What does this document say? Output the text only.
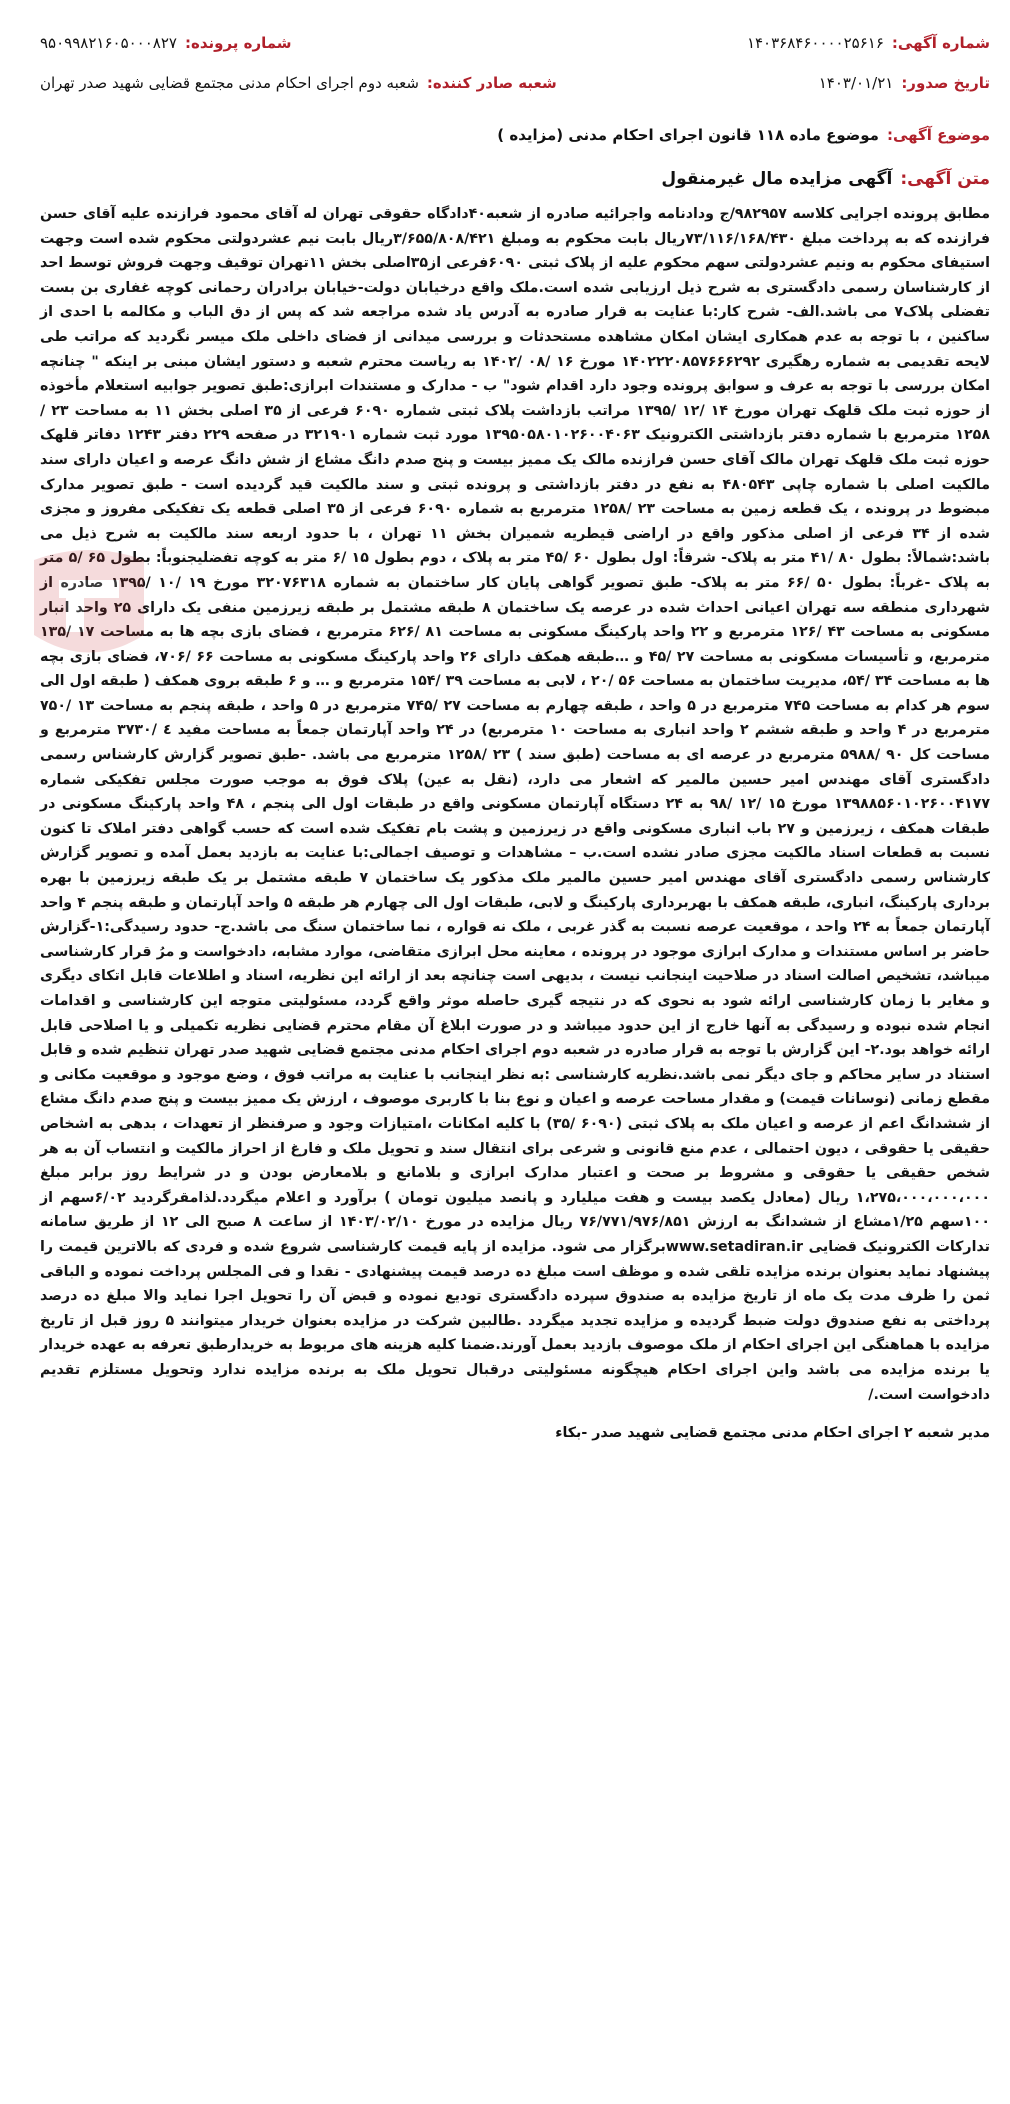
شماره آگهی:
۱۴۰۳۶۸۴۶۰۰۰۰۲۵۶۱۶
شماره پرونده:
۹۵۰۹۹۸۲۱۶۰۵۰۰۰۸۲۷
تاریخ صدور:
۱۴۰۳/۰۱/۲۱
شعبه صادر کننده:
شعبه دوم اجرای احکام مدنی مجتمع قضایی شهید صدر تهران
موضوع آگهی:
موضوع ماده ۱۱۸ قانون اجرای احکام مدنی (مزایده )
متن آگهی:
آگهی مزایده مال غیرمنقول

مطابق پرونده اجرایی کلاسه ۹۸۲۹۵۷/ج ودادنامه واجرائیه صادره از شعبه۴۰دادگاه حقوقی تهران له آقای محمود فرازنده علیه آقای حسن فرازنده که به پرداخت مبلغ ۷۳/۱۱۶/۱۶۸/۴۳۰ریال بابت محکوم به ومبلغ ۳/۶۵۵/۸۰۸/۴۲۱ریال بابت نیم عشردولتی محکوم شده است وجهت استیفای محکوم به ونیم عشردولتی سهم محکوم علیه از پلاک ثبتی ۶۰۹۰فرعی از۳۵اصلی بخش ۱۱تهران توقیف وجهت فروش توسط احد از کارشناسان رسمی دادگستری به شرح ذیل ارزیابی شده است.ملک واقع درخیابان دولت-خیابان برادران رحمانی کوچه غفاری بن بست تفضلی پلاک۷ می باشد.الف- شرح کار:با عنایت به قرار صادره به آدرس یاد شده مراجعه شد که پس از دق الباب و مکالمه با احدی از ساکنین ، با توجه به عدم همکاری ایشان امکان مشاهده مستحدثات و بررسی میدانی از فضای داخلی ملک میسر نگردید که مراتب طی لایحه تقدیمی به شماره رهگیری ۱۴۰۲۲۲۰۸۵۷۶۶۶۲۹۲ مورخ ۱۶ /۰۸ /۱۴۰۲ به ریاست محترم شعبه و دستور ایشان مبنی بر اینکه " چنانچه امکان بررسی با توجه به عرف و سوابق پرونده وجود دارد اقدام شود" ب - مدارک و مستندات ابرازی:طبق تصویر جوابیه استعلام مأخوذه از حوزه ثبت ملک قلهک تهران مورخ ۱۴ /۱۲ /۱۳۹۵ مراتب بازداشت پلاک ثبتی شماره ۶۰۹۰ فرعی از ۳۵ اصلی بخش ۱۱ به مساحت ۲۳ /۱۲۵۸ مترمربع با شماره دفتر بازداشتی الکترونیک ۱۳۹۵۰۵۸۰۱۰۲۶۰۰۴۰۶۳ مورد ثبت شماره ۳۲۱۹۰۱ در صفحه ۲۲۹ دفتر ۱۲۴۳ دفاتر قلهک حوزه ثبت ملک قلهک تهران مالک آقای حسن فرازنده مالک یک ممیز بیست و پنج صدم دانگ مشاع از شش دانگ عرصه و اعیان دارای سند مالکیت اصلی با شماره چاپی ۴۸۰۵۴۳ به نفع در دفتر بازداشتی و پرونده ثبتی و سند مالکیت قید گردیده است - طبق تصویر مدارک مبضوط در پرونده ، یک قطعه زمین به مساحت ۲۳ /۱۲۵۸ مترمربع به شماره ۶۰۹۰ فرعی از ۳۵ اصلی قطعه یک تفکیکی مفروز و مجزی شده از ۳۴ فرعی از اصلی مذکور واقع در اراضی قیطریه شمیران بخش ۱۱ تهران ، با حدود اربعه سند مالکیت به شرح ذیل می باشد:شمالاً: بطول ۸۰ /۴۱ متر به پلاک- شرقاً: اول بطول ۶۰ /۴۵ متر به پلاک ، دوم بطول ۱۵ /۶ متر به کوچه تفضلیجنوباً: بطول ۶۵ /۵ متر به پلاک -غرباً: بطول ۵۰ /۶۶ متر به پلاک- طبق تصویر گواهی پایان کار ساختمان به شماره ۳۲۰۷۶۳۱۸ مورخ ۱۹ /۱۰ /۱۳۹۵ صادره از شهرداری منطقه سه تهران اعیانی احداث شده در عرصه یک ساختمان ۸ طبقه مشتمل بر طبقه زیرزمین منفی یک دارای ۲۵ واحد انبار مسکونی به مساحت ۴۳ /۱۲۶ مترمربع و ۲۲ واحد پارکینگ مسکونی به مساحت ۸۱ /۶۲۶ مترمربع ، فضای بازی بچه ها به مساحت ۱۷ /۱۳۵ مترمربع، و تأسیسات مسکونی به مساحت ۲۷ /۴۵ و …طبقه همکف دارای ۲۶ واحد پارکینگ مسکونی به مساحت ۶۶ /۷۰۶، فضای بازی بچه ها به مساحت ۳۴ /۵۴، مدیریت ساختمان به مساحت ۵۶ /۲۰ ، لابی به مساحت ۳۹ /۱۵۴ مترمربع و … و ۶ طبقه بروی همکف ( طبقه اول الی سوم هر کدام به مساحت ۷۴۵ مترمربع در ۵ واحد ، طبقه چهارم به مساحت ۲۷ /۷۴۵ مترمربع در ۵ واحد ، طبقه پنجم به مساحت ۱۳ /۷۵۰ مترمربع در ۴ واحد و طبقه ششم ۲ واحد انباری به مساحت ۱۰ مترمربع) در ۲۴ واحد آپارتمان جمعاً به مساحت مفید ٤ /۳۷۳۰ مترمربع و مساحت کل ۹۰ /۵۹۸۸ مترمربع در عرصه ای به مساحت (طبق سند ) ۲۳ /۱۲۵۸ مترمربع می باشد. -طبق تصویر گزارش کارشناس رسمی دادگستری آقای مهندس امیر حسین مالمیر که اشعار می دارد، (نقل به عین) پلاک فوق به موجب صورت مجلس تفکیکی شماره ۱۳۹۸۸۵۶۰۱۰۲۶۰۰۴۱۷۷ مورخ ۱۵ /۱۲ /۹۸ به ۲۴ دستگاه آپارتمان مسکونی واقع در طبقات اول الی پنجم ، ۴۸ واحد پارکینگ مسکونی در طبقات همکف ، زیرزمین و ۲۷ باب انباری مسکونی واقع در زیرزمین و پشت بام تفکیک شده است که حسب گواهی دفتر املاک تا کنون نسبت به قطعات اسناد مالکیت مجزی صادر نشده است.ب – مشاهدات و توصیف اجمالی:با عنایت به بازدید بعمل آمده و تصویر گزارش کارشناس رسمی دادگستری آقای مهندس امیر حسین مالمیر ملک مذکور یک ساختمان ۷ طبقه مشتمل بر یک طبقه زیرزمین با بهره برداری پارکینگ، انباری، طبقه همکف با بهربرداری پارکینگ و لابی، طبقات اول الی چهارم هر طبقه ۵ واحد آپارتمان و طبقه پنجم ۴ واحد آپارتمان جمعاً به ۲۴ واحد ، موقعیت عرصه نسبت به گذر غربی ، ملک نه قواره ، نما ساختمان سنگ می باشد.ج- حدود رسیدگی:۱-گزارش حاضر بر اساس مستندات و مدارک ابرازی موجود در پرونده ، معاینه محل ابرازی متقاضی، موارد مشابه، دادخواست و مرُ قرار کارشناسی میباشد، تشخیص اصالت اسناد در صلاحیت اینجانب نیست ، بدیهی است چنانچه بعد از ارائه این نظریه، اسناد و اطلاعات قابل اتکای دیگری و مغایر با زمان کارشناسی ارائه شود به نحوی که در نتیجه گیری حاصله موثر واقع گردد، مسئولیتی متوجه این کارشناسی و اقدامات انجام شده نبوده و رسیدگی به آنها خارج از این حدود میباشد و در صورت ابلاغ آن مقام محترم قضایی نظریه تکمیلی و یا اصلاحی قابل ارائه خواهد بود.۲- این گزارش با توجه به قرار صادره در شعبه دوم اجرای احکام مدنی مجتمع قضایی شهید صدر تهران تنظیم شده و قابل استناد در سایر محاکم و جای دیگر نمی باشد.نظریه کارشناسی :به نظر اینجانب با عنایت به مراتب فوق ، وضع موجود و موقعیت مکانی و مقطع زمانی (نوسانات قیمت) و مقدار مساحت عرصه و اعیان و نوع بنا با کاربری موصوف ، ارزش یک ممیز بیست و پنج صدم دانگ مشاع از ششدانگ اعم از عرصه و اعیان ملک به پلاک ثبتی (۶۰۹۰ /۳۵) با کلیه امکانات ،امتیازات وجود و صرفنظر از تعهدات ، بدهی به اشخاص حقیقی یا حقوقی ، دیون احتمالی ، عدم منع قانونی و شرعی برای انتقال سند و تحویل ملک و فارغ از احراز مالکیت و انتساب آن به هر شخص حقیقی یا حقوقی و مشروط بر صحت و اعتبار مدارک ابرازی و بلامانع و بلامعارض بودن و در شرایط روز برابر مبلغ ۱،۲۷۵،۰۰۰،۰۰۰،۰۰۰ ریال (معادل یکصد بیست و هفت میلیارد و پانصد میلیون تومان ) برآورد و اعلام میگردد.لذامقرگردید ۶/۰۲سهم از ۱۰۰سهم ۱/۲۵مشاع از ششدانگ به ارزش ۷۶/۷۷۱/۹۷۶/۸۵۱ ریال مزایده در مورخ ۱۴۰۳/۰۲/۱۰ از ساعت ۸ صبح الی ۱۲ از طریق سامانه تدارکات الکترونیک قضایی www.setadiran.irبرگزار می شود. مزایده از پایه قیمت کارشناسی شروع شده و فردی که بالاترین قیمت را پیشنهاد نماید بعنوان برنده مزایده تلقی شده و موظف است مبلغ ده درصد قیمت پیشنهادی - نقدا و فی المجلس پرداخت نموده و الباقی ثمن را ظرف مدت یک ماه از تاریخ مزایده به صندوق سپرده دادگستری تودیع نموده و قبض آن را تحویل اجرا نماید والا مبلغ ده درصد پرداختی به نفع صندوق دولت ضبط گردیده و مزایده تجدید میگردد .طالبین شرکت در مزایده بعنوان خریدار میتوانند ۵ روز قبل از تاریخ مزایده با هماهنگی این اجرای احکام از ملک موصوف بازدید بعمل آورند.ضمنا کلیه هزینه های مربوط به خریدارطبق تعرفه به عهده خریدار یا برنده مزایده می باشد واین اجرای احکام هیچگونه مسئولیتی درقبال تحویل ملک به برنده مزایده ندارد وتحویل مستلزم تقدیم دادخواست است./

مدیر شعبه ۲ اجرای احکام مدنی مجتمع قضایی شهید صدر -بکاء
